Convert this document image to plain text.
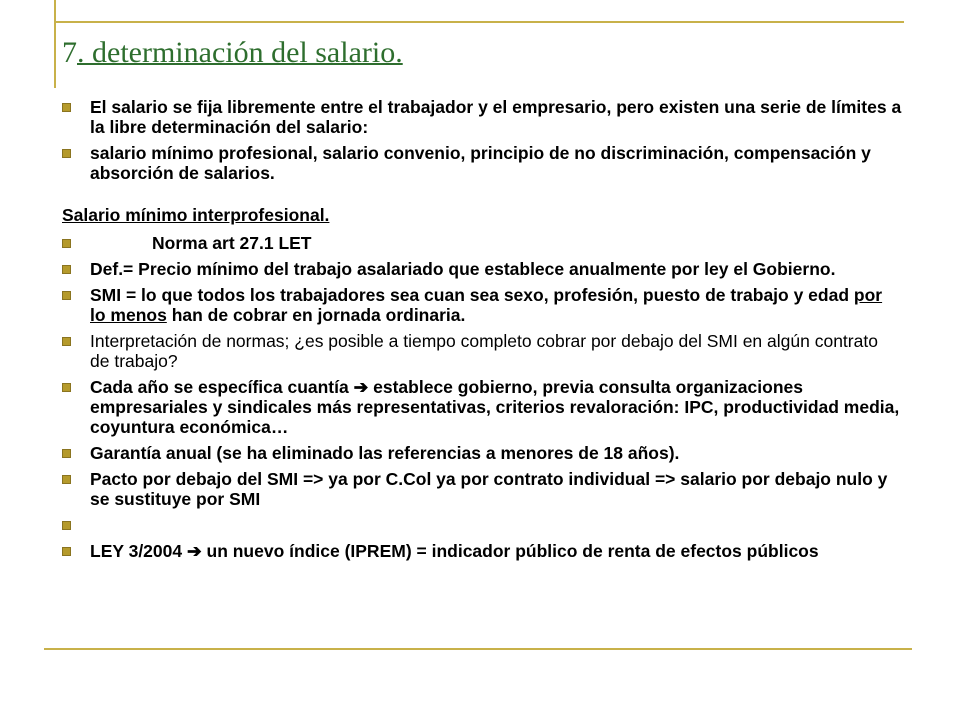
7. determinación del salario.
El salario se fija libremente entre el trabajador y el empresario, pero existen una serie de límites a la libre determinación del salario:
salario mínimo profesional, salario convenio, principio de no discriminación, compensación y absorción de salarios.
Salario mínimo interprofesional.
Norma art 27.1 LET
Def.= Precio mínimo del trabajo asalariado que establece anualmente por ley el Gobierno.
SMI = lo que todos los trabajadores sea cuan sea sexo, profesión, puesto de trabajo y edad por lo menos han de cobrar en jornada ordinaria.
Interpretación de normas; ¿es posible a tiempo completo cobrar por debajo del SMI en algún contrato de trabajo?
Cada año se específica cuantía ➔ establece gobierno, previa consulta organizaciones empresariales y sindicales más representativas, criterios revaloración: IPC, productividad media, coyuntura económica…
Garantía anual (se ha eliminado las referencias a menores de 18 años).
Pacto por debajo del SMI => ya por C.Col ya por contrato individual => salario por debajo nulo y se sustituye por SMI
LEY 3/2004 ➔ un nuevo índice (IPREM) = indicador público de renta de efectos públicos
